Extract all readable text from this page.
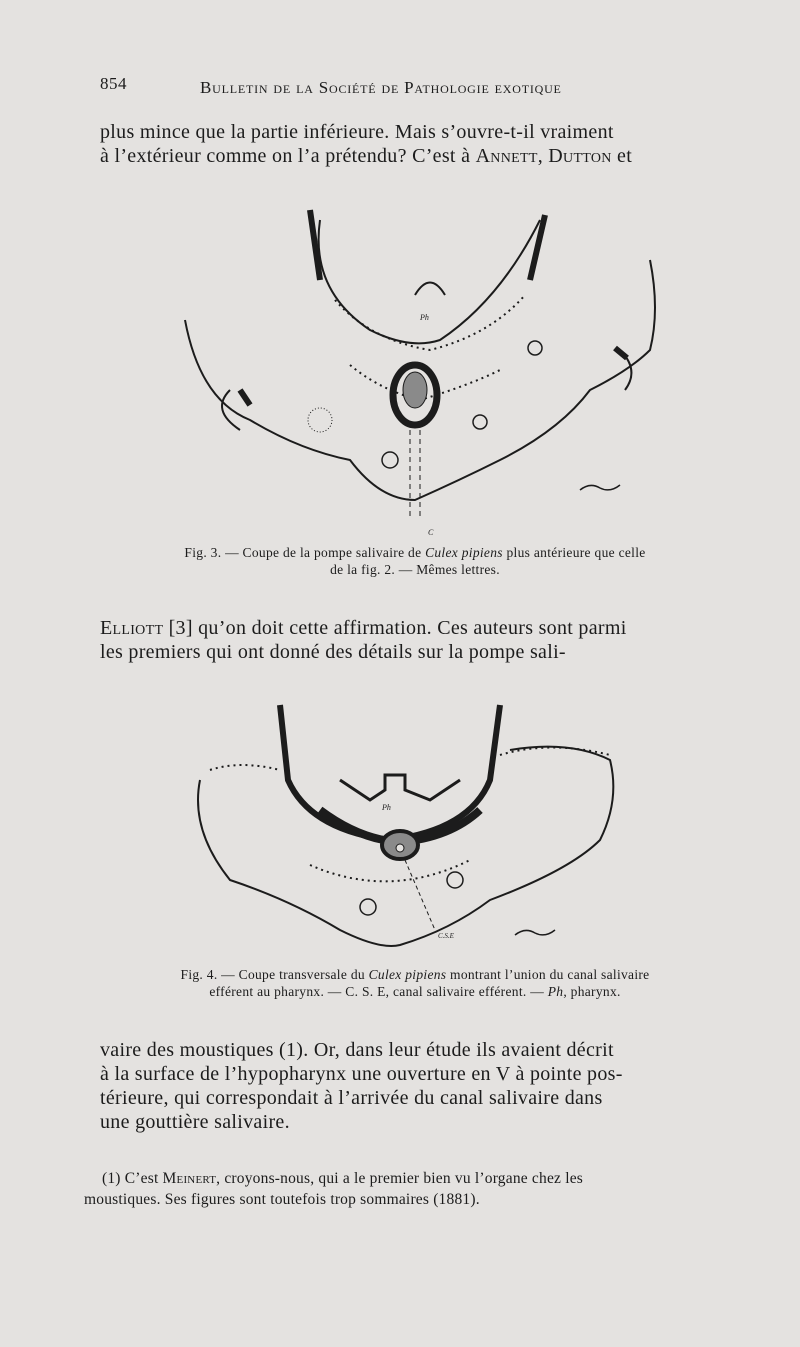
854	Bulletin de la Société de Pathologie exotique

plus mince que la partie inférieure. Mais s’ouvre-t-il vraiment

à l’extérieur comme on l’a prétendu? C’est à Annett, Dutton et

Ph
C
Fig. 3. — Coupe de la pompe salivaire de Culex pipiens plus antérieure que celle
de la fig. 2. — Mêmes lettres.

Elliott [3] qu’on doit cette affirmation. Ces auteurs sont parmi

les premiers qui ont donné des détails sur la pompe sali-

Ph
C.S.E
Fig. 4. — Coupe transversale du Culex pipiens montrant l’union du canal salivaire
efférent au pharynx. — C. S. E, canal salivaire efférent. — Ph, pharynx.

vaire des moustiques (1). Or, dans leur étude ils avaient décrit

à la surface de l’hypopharynx une ouverture en V à pointe pos-

térieure, qui correspondait à l’arrivée du canal salivaire dans

une gouttière salivaire.

(1) C’est Meinert, croyons-nous, qui a le premier bien vu l’organe chez les
moustiques. Ses figures sont toutefois trop sommaires (1881).
